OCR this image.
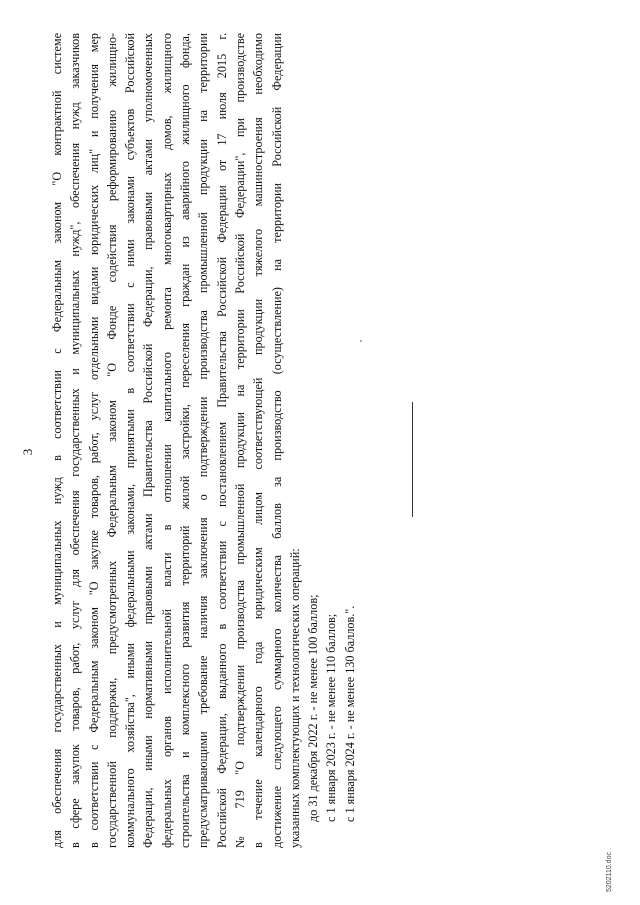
3 для обеспечения государственных и муниципальных нужд в соответствии с Федеральным законом "О контрактной системе в сфере закупок товаров, работ, услуг для обеспечения государственных и муниципальных нужд", обеспечения нужд заказчиков в соответствии с Федеральным законом "О закупке товаров, работ, услуг отдельными видами юридических лиц" и получения мер государственной поддержки, предусмотренных Федеральным законом "О Фонде содействия реформированию жилищно- коммунального хозяйства", иными федеральными законами, принятыми в соответствии с ними законами субъектов Российской Федерации, иными нормативными правовыми актами Правительства Российской Федерации, правовыми актами уполномоченных федеральных органов исполнительной власти в отношении капитального ремонта многоквартирных домов, жилищного строительства и комплексного развития территорий жилой застройки, переселения граждан из аварийного жилищного фонда, предусматривающими требование наличия заключения о подтверждении производства промышленной продукции на территории Российской Федерации, выданного в соответствии с постановлением Правительства Российской Федерации от 17 июля 2015 г. № 719 "О подтверждении производства промышленной продукции на территории Российской Федерации", при производстве в течение календарного года юридическим лицом соответствующей продукции тяжелого машиностроения необходимо достижение следующего суммарного количества баллов за производство (осуществление) на территории Российской Федерации указанных комплектующих и технологических операций: до 31 декабря 2022 г. - не менее 100 баллов; с 1 января 2023 г. - не менее 110 баллов; с 1 января 2024 г. - не менее 130 баллов.".
5202110.doc
